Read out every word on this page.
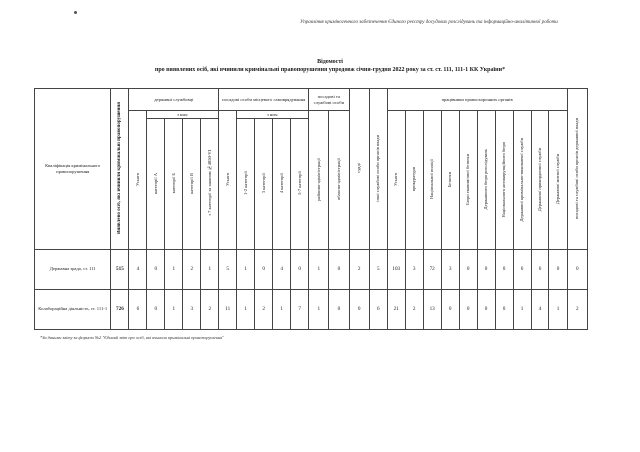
Управління криміногенного забезпечення Єдиного реєстру досудових розслідувань та інформаційно-аналітичної роботи
Відомості
про виявлених осіб, які вчинили кримінальні правопорушення упродовж січня-грудня 2022 року за ст. ст. 111, 111-1 КК України*
Кваліфікація кримінального правопорушення	Виявлено осіб, які вчинили кримінальні правопорушення	державні службовці					посадові особи місцевого самоврядування					посадові та службові особи		судді	інші службові особи органів влади	працівники правоохоронних органів										посадові та службові особи органів державної влади
		Усього	з них:				Усього	з них:				районно-адміністрації	обласно-адміністрації			Усього	прокуратури	Національної поліції	Безпеки	Бюро економічної безпеки	Державного бюро розслідувань	Національного антикорупційного бюро	Державної кримінально-виконавчої служби	Державної прикордонної служби	Державної митної служби	
			категорії А	категорії Б	категорії В	з 7 категорії за законом №4050-VI		1-2 категорії	3 категорії	4 категорії	5-7 категорії															
Державна зрада, ст. 111	515	4	0	1	2	1	5	1	0	4	0	1	0	2	5	103	3	72	3	0	0	0	6	6	0	0
Колабораційна діяльність, ст. 111-1	726	6	0	1	3	2	11	1	2	1	7	1	0	0	6	21	2	13	0	0	0	0	1	4	1	2
*За даними звіту за формою №2 "Єдиний звіт про осіб, які вчинили кримінальні правопорушення"
